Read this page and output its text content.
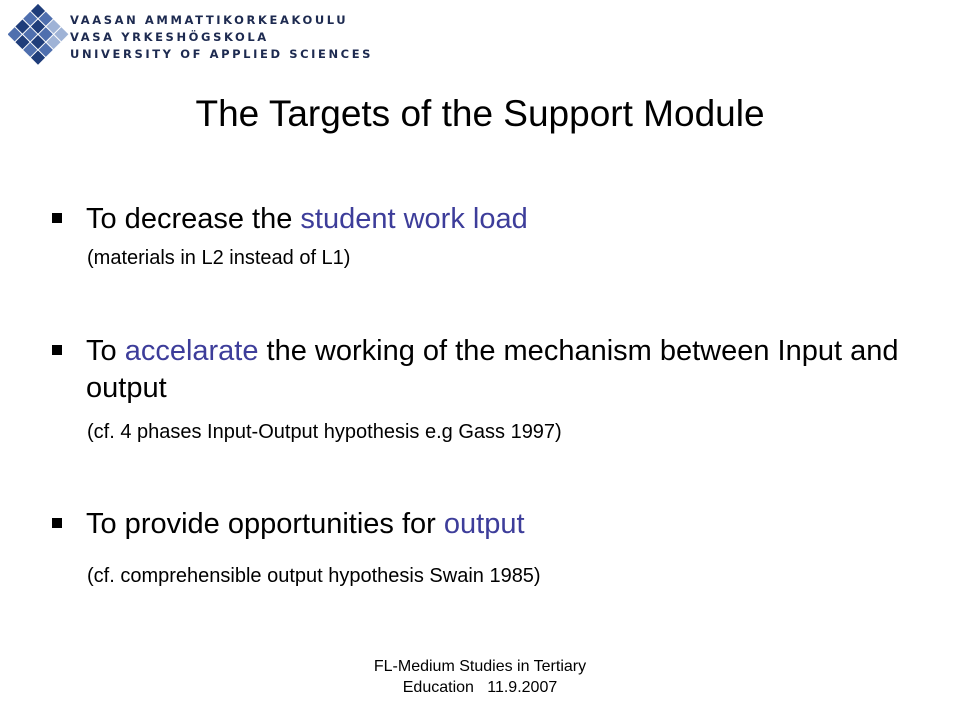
VAASAN AMMATTIKORKEAKOULU
VASA YRKESHÖGSKOLA
UNIVERSITY OF APPLIED SCIENCES
The Targets of the Support Module
To decrease the student work load
(materials in L2 instead of L1)
To accelarate the working of the mechanism between Input and output
(cf. 4 phases Input-Output hypothesis e.g Gass 1997)
To provide opportunities for output
(cf. comprehensible output hypothesis Swain 1985)
FL-Medium Studies in Tertiary
Education   11.9.2007
